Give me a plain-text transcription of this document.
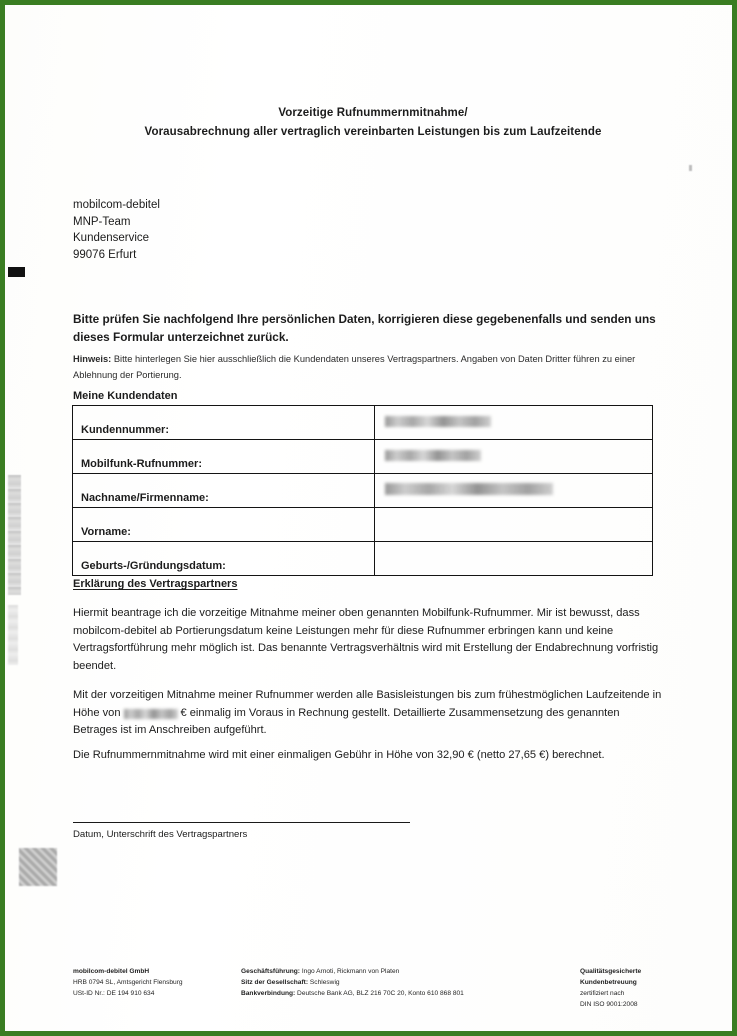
Vorzeitige Rufnummernmitnahme/
Vorausabrechnung aller vertraglich vereinbarten Leistungen bis zum Laufzeitende
mobilcom-debitel
MNP-Team
Kundenservice
99076 Erfurt
Bitte prüfen Sie nachfolgend Ihre persönlichen Daten, korrigieren diese gegebenenfalls und senden uns dieses Formular unterzeichnet zurück.
Hinweis: Bitte hinterlegen Sie hier ausschließlich die Kundendaten unseres Vertragspartners. Angaben von Daten Dritter führen zu einer Ablehnung der Portierung.
Meine Kundendaten
Kundennummer:	
Mobilfunk-Rufnummer:	
Nachname/Firmenname:	
Vorname:	
Geburts-/Gründungsdatum:	
Erklärung des Vertragspartners
Hiermit beantrage ich die vorzeitige Mitnahme meiner oben genannten Mobilfunk-Rufnummer. Mir ist bewusst, dass mobilcom-debitel ab Portierungsdatum keine Leistungen mehr für diese Rufnummer erbringen kann und keine Vertragsfortführung mehr möglich ist. Das benannte Vertragsverhältnis wird mit Erstellung der Endabrechnung vorfristig beendet.
Mit der vorzeitigen Mitnahme meiner Rufnummer werden alle Basisleistungen bis zum frühestmöglichen Laufzeitende in Höhe von	€ einmalig im Voraus in Rechnung gestellt. Detaillierte Zusammensetzung des genannten Betrages ist im Anschreiben aufgeführt.
Die Rufnummernmitnahme wird mit einer einmaligen Gebühr in Höhe von 32,90 € (netto 27,65 €) berechnet.
Datum, Unterschrift des Vertragspartners
mobilcom-debitel GmbH
HRB 0794 SL, Amtsgericht Flensburg
USt-ID Nr.: DE 194 910 634
Geschäftsführung: Ingo Arnoti, Rickmann von Platen
Sitz der Gesellschaft: Schleswig
Bankverbindung: Deutsche Bank AG, BLZ 216 70C 20, Konto 610 868 801
Qualitätsgesicherte
Kundenbetreuung
zertifiziert nach
DIN ISO 9001:2008
